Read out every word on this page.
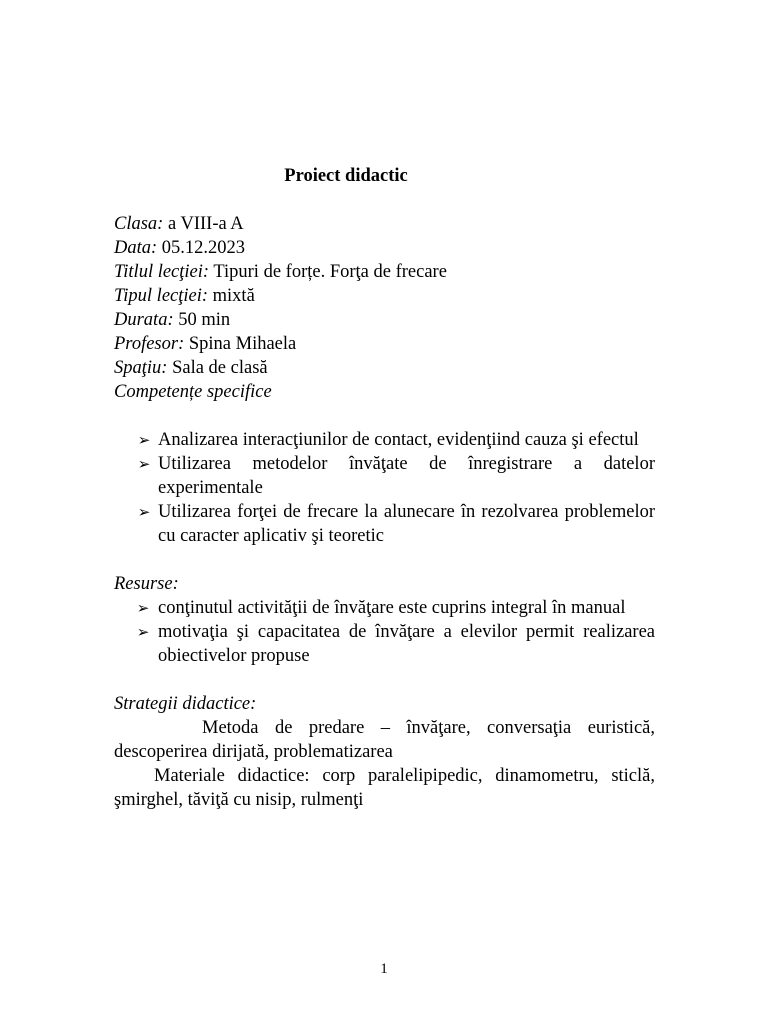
Proiect didactic
Clasa: a VIII-a A
Data: 05.12.2023
Titlul lecţiei: Tipuri de forțe. Forţa de frecare
Tipul lecţiei: mixtă
Durata: 50 min
Profesor: Spina Mihaela
Spaţiu: Sala de clasă
Competențe specifice
➢ Analizarea interacţiunilor de contact, evidenţiind cauza şi efectul
➢ Utilizarea metodelor învăţate de înregistrare a datelor experimentale
➢ Utilizarea forţei de frecare la alunecare în rezolvarea problemelor cu caracter aplicativ şi teoretic
Resurse:
➢ conţinutul activităţii de învăţare este cuprins integral în manual
➢ motivaţia şi capacitatea de învăţare a elevilor permit realizarea obiectivelor propuse
Strategii didactice:
Metoda de predare – învăţare, conversaţia euristică, descoperirea dirijată, problematizarea
Materiale didactice: corp paralelipipedic, dinamometru, sticlă, şmirghel, tăviţă cu nisip, rulmenţi
1
